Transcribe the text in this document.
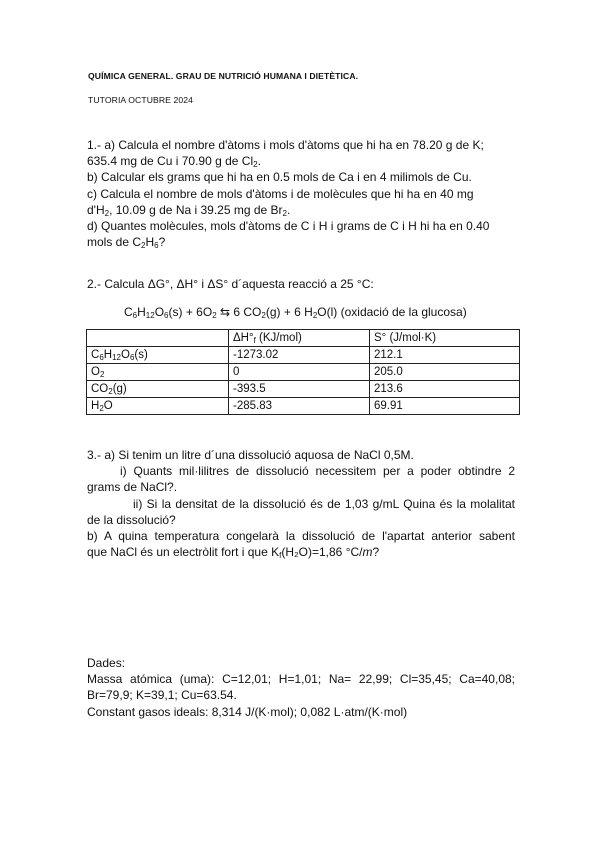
QUÍMICA GENERAL. GRAU DE NUTRICIÓ HUMANA I DIETÈTICA.
TUTORIA OCTUBRE 2024

1.- a) Calcula el nombre d'àtoms i mols d'àtoms que hi ha en 78.20 g de K;

635.4 mg de Cu i 70.90 g de $Cl_2$.

b) Calcular els grams que hi ha en 0.5 mols de Ca i en 4 milimols de Cu.

c) Calcula el nombre de mols d'àtoms i de molècules que hi ha en 40 mg

$d'H_2$, 10.09 g de Na i 39.25 mg de $Br_2$.

d) Quantes molècules, mols d'àtoms de C i H i grams de C i H hi ha en 0.40

mols de $C_2H_6$?

2.- Calcula ΔG°, ΔH° i ΔS° d´aquesta reacció a 25 °C:

$C_6H_{12}O_6(s) + 6O_2$ ⇆ 6 $CO_2(g) + 6$ $H_2O(l)$ (oxidació de la glucosa)
	$\Delta H^\circ_f$ (KJ/mol)	S° (J/mol·K)
$C_6H_{12}O_6(s)$	-1273.02	212.1
$O_2$	0	205.0
$CO_2(g)$	-393.5	213.6
$H_2O$	-285.83	69.91

3.- a) Si tenim un litre d´una dissolució aquosa de NaCl 0,5M.

i) Quants mil·lilitres de dissolució necessitem per a poder obtindre 2

grams de NaCl?.

ii) Si la densitat de la dissolució és de 1,03 g/mL Quina és la molalitat

de la dissolució?

b) A quina temperatura congelarà la dissolució de l'apartat anterior sabent

que NaCl és un electròlit fort i que $K_f(H_2O)=1,86$ °C/m?

Dades:

Massa atómica (uma): C=12,01; H=1,01; Na= 22,99; Cl=35,45; Ca=40,08;

Br=79,9; K=39,1; Cu=63.54.

Constant gasos ideals: 8,314 J/(K·mol); 0,082 L·atm/(K·mol)
